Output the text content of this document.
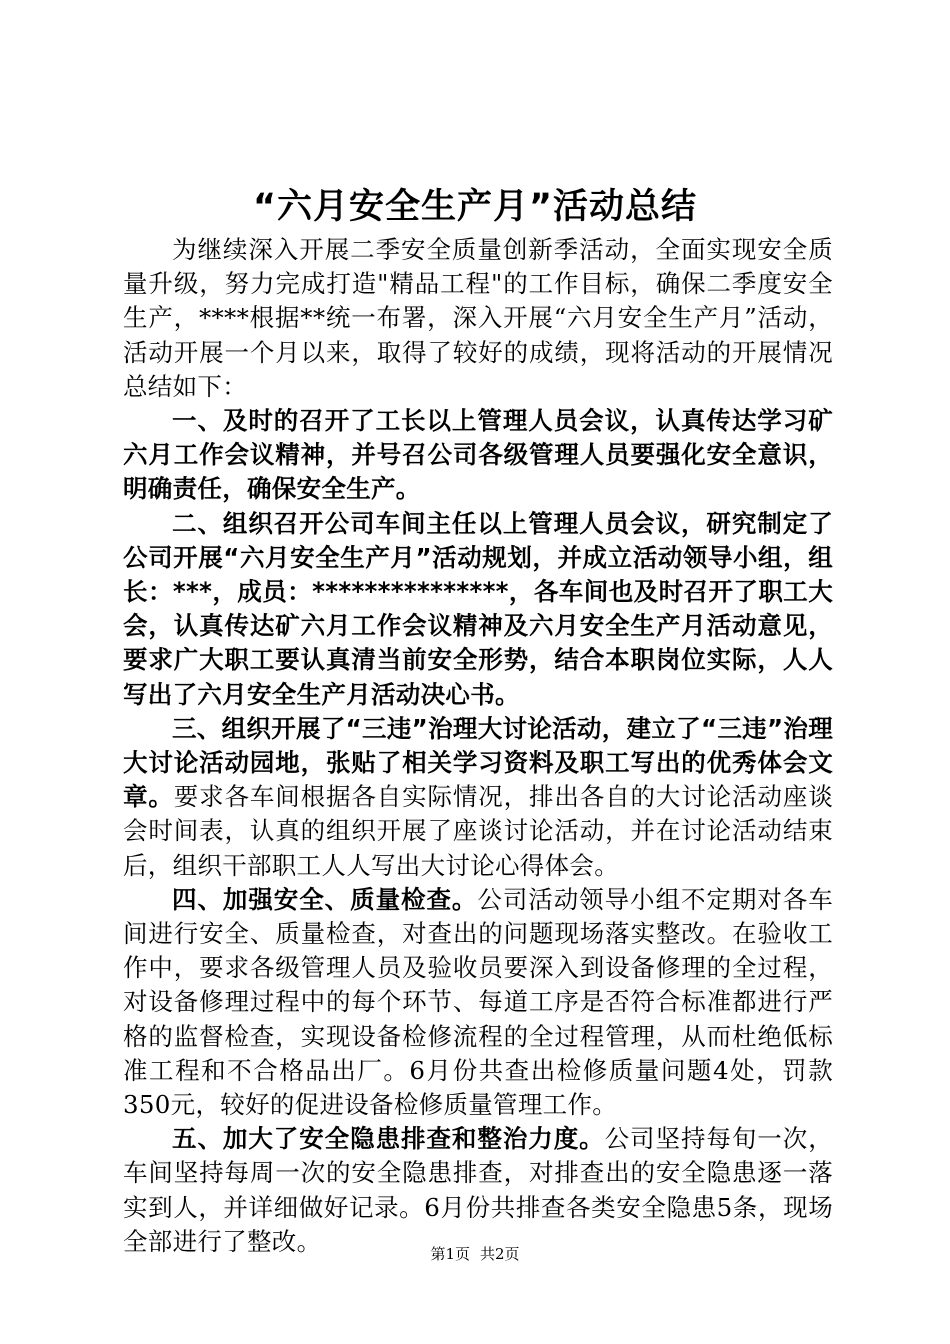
“六月安全生产月”活动总结

为继续深入开展二季安全质量创新季活动，全面实现安全质量升级，努力完成打造"精品工程"的工作目标，确保二季度安全生产，****根据**统一布署，深入开展“六月安全生产月”活动，活动开展一个月以来，取得了较好的成绩，现将活动的开展情况总结如下：

一、及时的召开了工长以上管理人员会议，认真传达学习矿六月工作会议精神，并号召公司各级管理人员要强化安全意识，明确责任，确保安全生产。

二、组织召开公司车间主任以上管理人员会议，研究制定了公司开展“六月安全生产月”活动规划，并成立活动领导小组，组长：***，成员：***************，各车间也及时召开了职工大会，认真传达矿六月工作会议精神及六月安全生产月活动意见，要求广大职工要认真清当前安全形势，结合本职岗位实际，人人写出了六月安全生产月活动决心书。

三、组织开展了“三违”治理大讨论活动，建立了“三违”治理大讨论活动园地，张贴了相关学习资料及职工写出的优秀体会文章。要求各车间根据各自实际情况，排出各自的大讨论活动座谈会时间表，认真的组织开展了座谈讨论活动，并在讨论活动结束后，组织干部职工人人写出大讨论心得体会。

四、加强安全、质量检查。公司活动领导小组不定期对各车间进行安全、质量检查，对查出的问题现场落实整改。在验收工作中，要求各级管理人员及验收员要深入到设备修理的全过程，对设备修理过程中的每个环节、每道工序是否符合标准都进行严格的监督检查，实现设备检修流程的全过程管理，从而杜绝低标准工程和不合格品出厂。6月份共查出检修质量问题4处，罚款350元，较好的促进设备检修质量管理工作。

五、加大了安全隐患排查和整治力度。公司坚持每旬一次，车间坚持每周一次的安全隐患排查，对排查出的安全隐患逐一落实到人，并详细做好记录。6月份共排查各类安全隐患5条，现场全部进行了整改。	第1页 共2页
